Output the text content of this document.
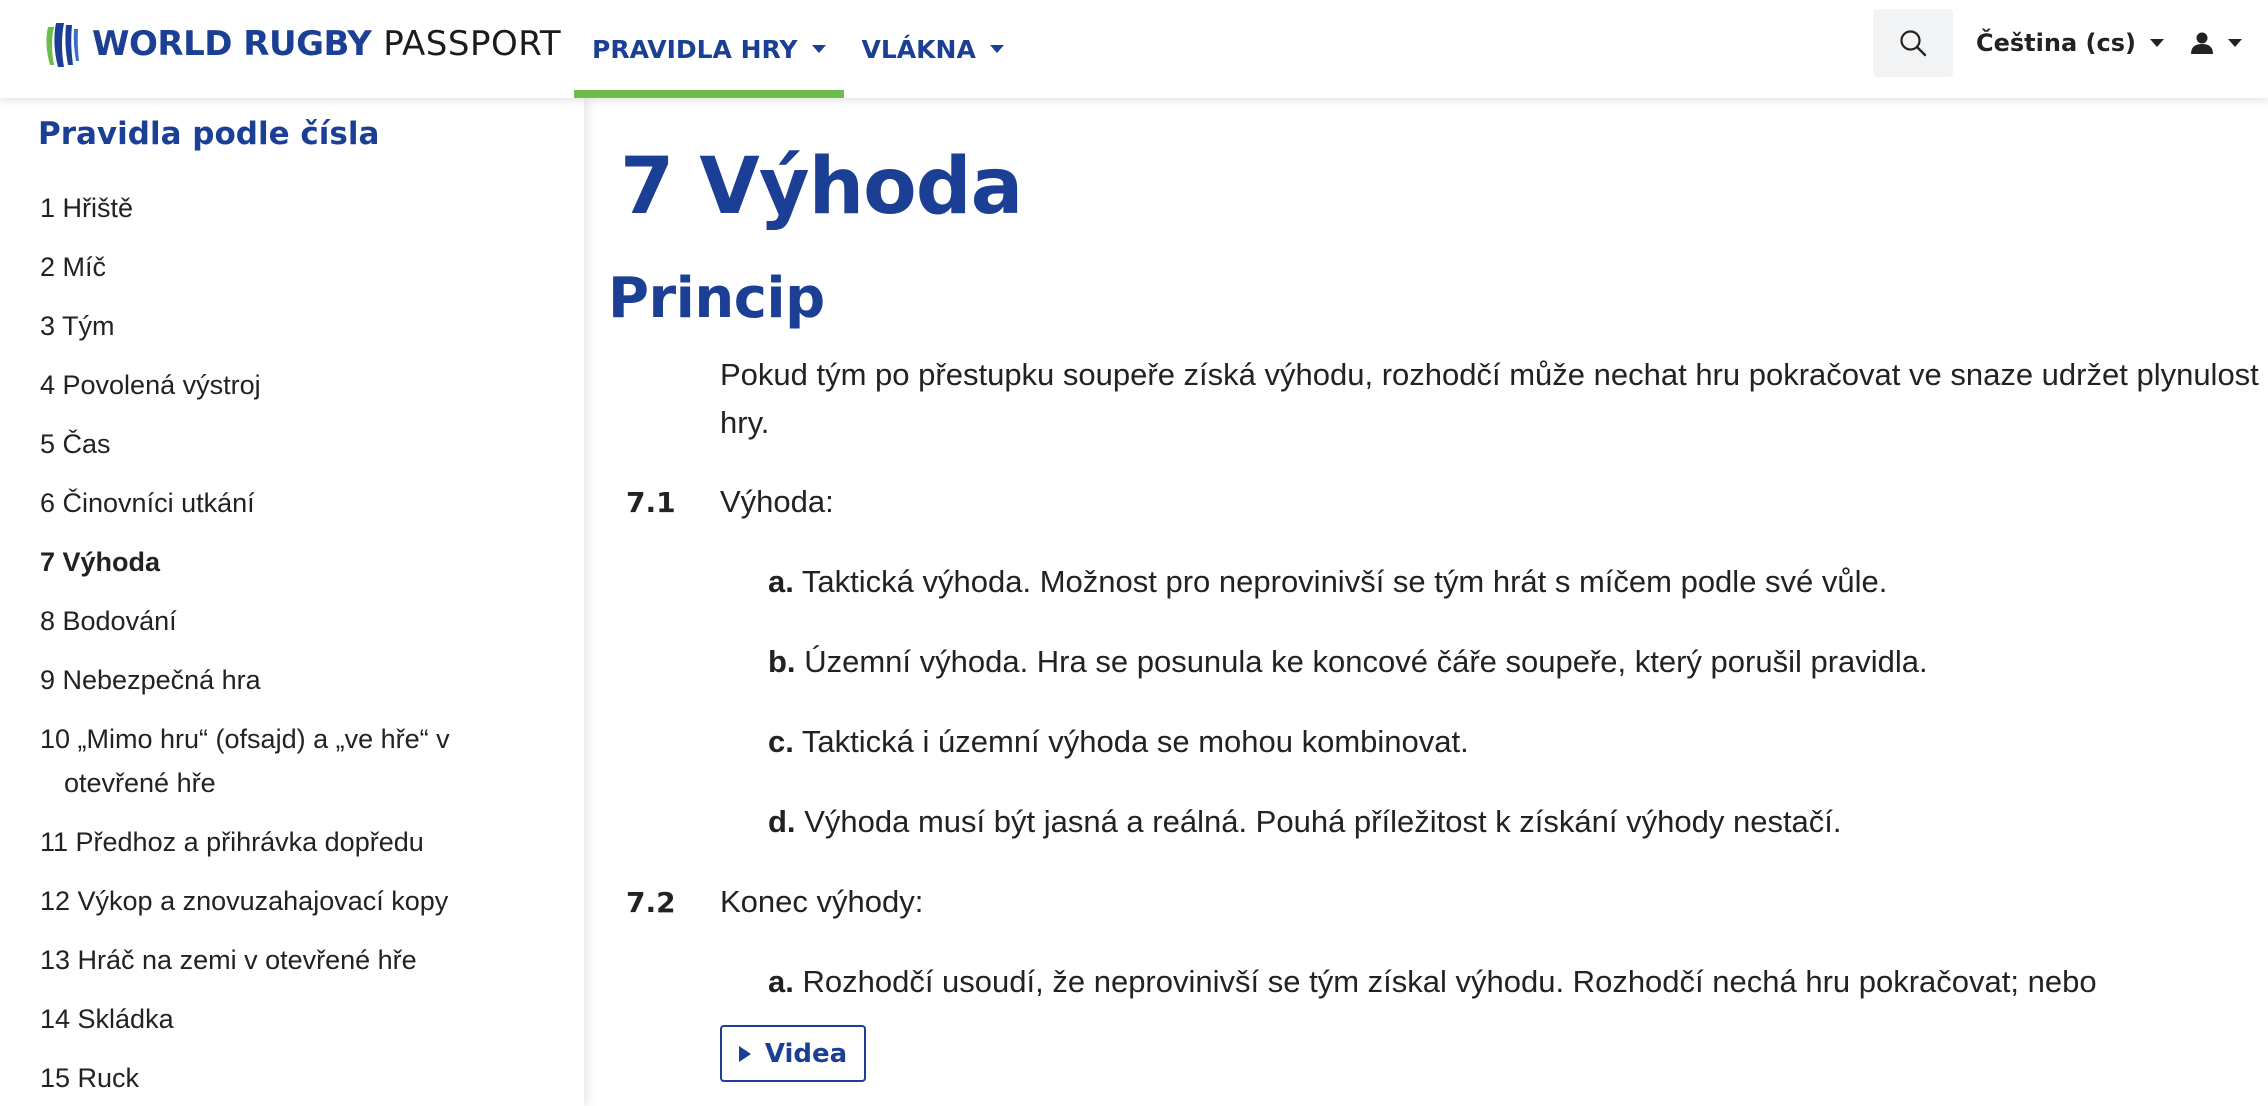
WORLD RUGBY PASSPORT PRAVIDLA HRY	VLÁKNA	Čeština (cs)
Pravidla podle čísla
1 Hřiště
2 Míč
3 Tým
4 Povolená výstroj
5 Čas
6 Činovníci utkání
7 Výhoda
8 Bodování
9 Nebezpečná hra
10 „Mimo hru“ (ofsajd) a „ve hře“ v otevřené hře
11 Předhoz a přihrávka dopředu
12 Výkop a znovuzahajovací kopy
13 Hráč na zemi v otevřené hře
14 Skládka
15 Ruck
7 Výhoda
Princip
Pokud tým po přestupku soupeře získá výhodu, rozhodčí může nechat hru pokračovat ve snaze udržet plynulost hry.
7.1 Výhoda:
a. Taktická výhoda. Možnost pro neprovinivší se tým hrát s míčem podle své vůle.
b. Územní výhoda. Hra se posunula ke koncové čáře soupeře, který porušil pravidla.
c. Taktická i územní výhoda se mohou kombinovat.
d. Výhoda musí být jasná a reálná. Pouhá příležitost k získání výhody nestačí.
7.2 Konec výhody:
a. Rozhodčí usoudí, že neprovinivší se tým získal výhodu. Rozhodčí nechá hru pokračovat; nebo
Videa
